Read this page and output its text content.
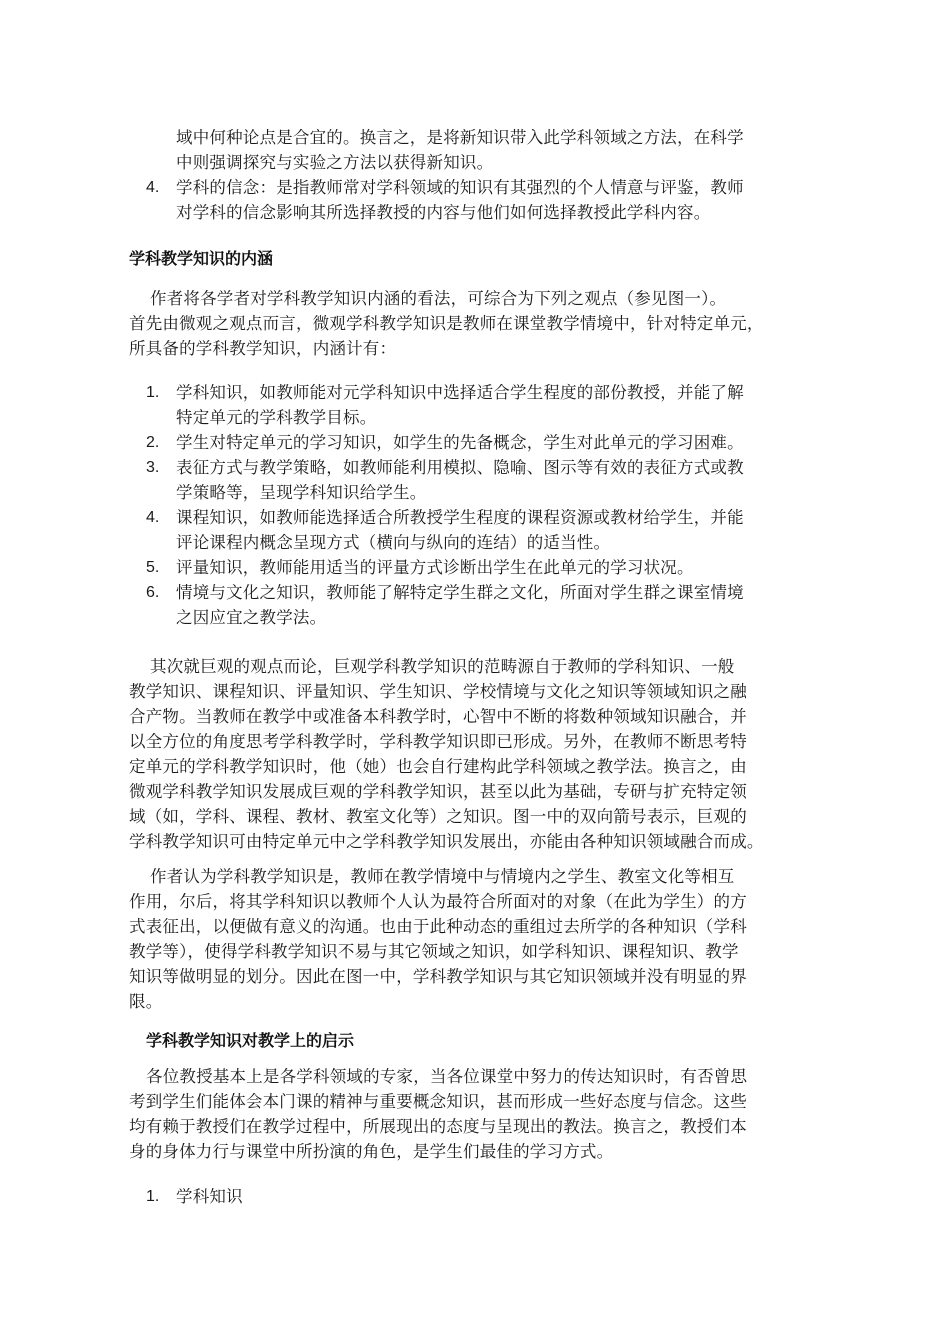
域中何种论点是合宜的。换言之，是将新知识带入此学科领域之方法，在科学
中则强调探究与实验之方法以获得新知识。
4. 学科的信念：是指教师常对学科领域的知识有其强烈的个人情意与评鉴，教师
对学科的信念影响其所选择教授的内容与他们如何选择教授此学科内容。
学科教学知识的内涵
作者将各学者对学科教学知识内涵的看法，可综合为下列之观点（参见图一）。
首先由微观之观点而言，微观学科教学知识是教师在课堂教学情境中，针对特定单元，
所具备的学科教学知识，内涵计有：
1. 学科知识，如教师能对元学科知识中选择适合学生程度的部份教授，并能了解
特定单元的学科教学目标。
2. 学生对特定单元的学习知识，如学生的先备概念，学生对此单元的学习困难。
3. 表征方式与教学策略，如教师能利用模拟、隐喻、图示等有效的表征方式或教
学策略等，呈现学科知识给学生。
4. 课程知识，如教师能选择适合所教授学生程度的课程资源或教材给学生，并能
评论课程内概念呈现方式（横向与纵向的连结）的适当性。
5. 评量知识，教师能用适当的评量方式诊断出学生在此单元的学习状况。
6. 情境与文化之知识，教师能了解特定学生群之文化，所面对学生群之课室情境
之因应宜之教学法。
其次就巨观的观点而论，巨观学科教学知识的范畴源自于教师的学科知识、一般
教学知识、课程知识、评量知识、学生知识、学校情境与文化之知识等领域知识之融
合产物。当教师在教学中或准备本科教学时，心智中不断的将数种领域知识融合，并
以全方位的角度思考学科教学时，学科教学知识即已形成。另外，在教师不断思考特
定单元的学科教学知识时，他（她）也会自行建构此学科领域之教学法。换言之，由
微观学科教学知识发展成巨观的学科教学知识，甚至以此为基础，专研与扩充特定领
域（如，学科、课程、教材、教室文化等）之知识。图一中的双向箭号表示，巨观的
学科教学知识可由特定单元中之学科教学知识发展出，亦能由各种知识领域融合而成。
作者认为学科教学知识是，教师在教学情境中与情境内之学生、教室文化等相互
作用，尔后，将其学科知识以教师个人认为最符合所面对的对象（在此为学生）的方
式表征出，以便做有意义的沟通。也由于此种动态的重组过去所学的各种知识（学科
教学等），使得学科教学知识不易与其它领域之知识，如学科知识、课程知识、教学
知识等做明显的划分。因此在图一中，学科教学知识与其它知识领域并没有明显的界
限。
学科教学知识对教学上的启示
各位教授基本上是各学科领域的专家，当各位课堂中努力的传达知识时，有否曾思
考到学生们能体会本门课的精神与重要概念知识，甚而形成一些好态度与信念。这些
均有赖于教授们在教学过程中，所展现出的态度与呈现出的教法。换言之，教授们本
身的身体力行与课堂中所扮演的角色，是学生们最佳的学习方式。
1. 学科知识
